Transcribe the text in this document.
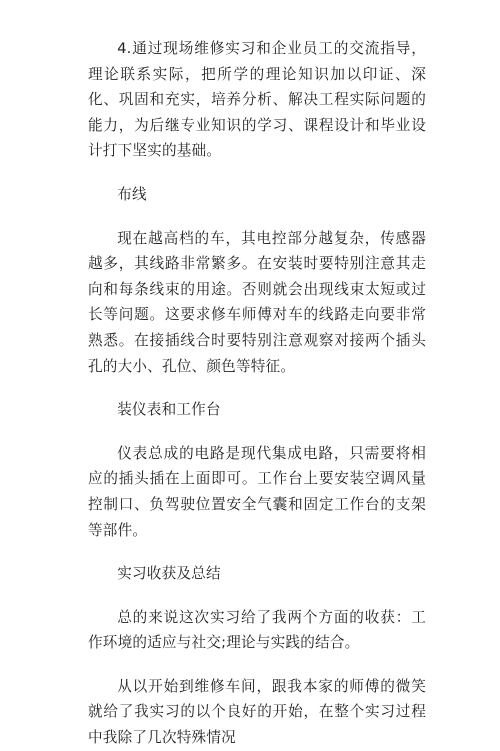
4.通过现场维修实习和企业员工的交流指导，理论联系实际，把所学的理论知识加以印证、深化、巩固和充实，培养分析、解决工程实际问题的能力，为后继专业知识的学习、课程设计和毕业设计打下坚实的基础。

布线

现在越高档的车，其电控部分越复杂，传感器越多，其线路非常繁多。在安装时要特别注意其走向和每条线束的用途。否则就会出现线束太短或过长等问题。这要求修车师傅对车的线路走向要非常熟悉。在接插线合时要特别注意观察对接两个插头孔的大小、孔位、颜色等特征。

装仪表和工作台

仪表总成的电路是现代集成电路，只需要将相应的插头插在上面即可。工作台上要安装空调风量控制口、负驾驶位置安全气囊和固定工作台的支架等部件。

实习收获及总结

总的来说这次实习给了我两个方面的收获：工作环境的适应与社交;理论与实践的结合。

从以开始到维修车间，跟我本家的师傅的微笑就给了我实习的以个良好的开始，在整个实习过程中我除了几次特殊情况
